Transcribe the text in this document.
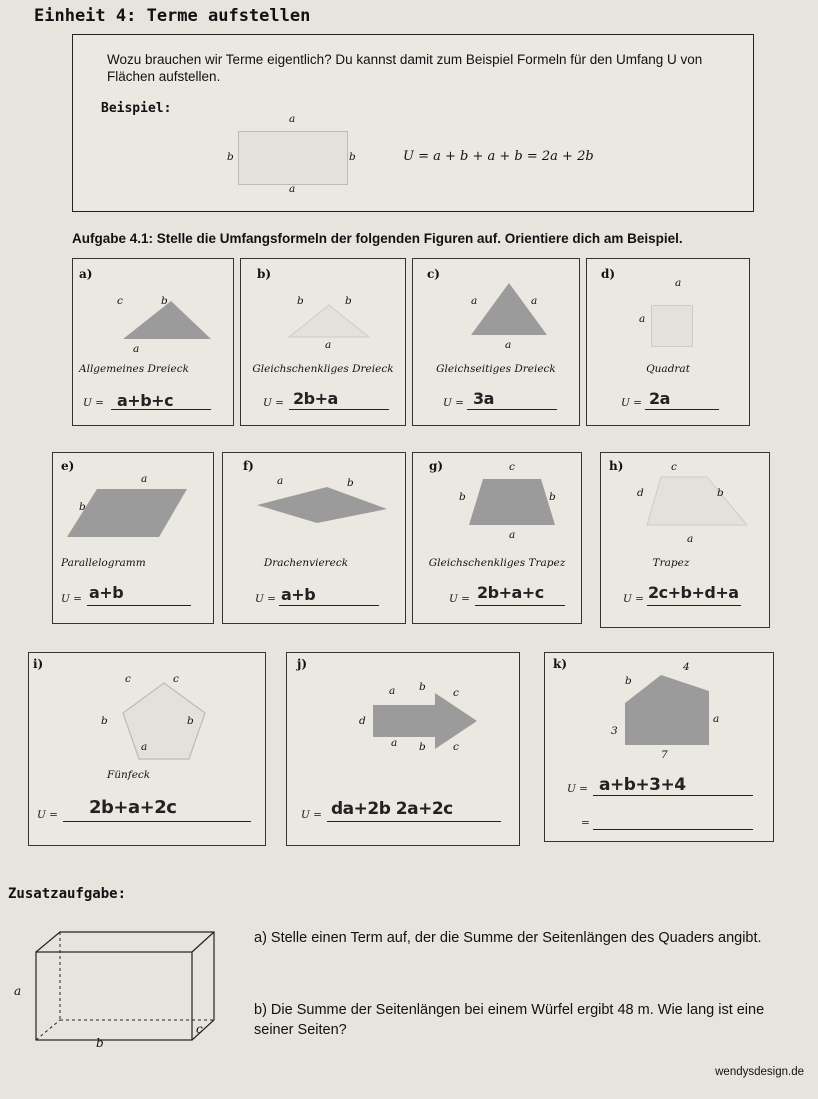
Einheit 4: Terme aufstellen
Wozu brauchen wir Terme eigentlich? Du kannst damit zum Beispiel Formeln für den Umfang U von Flächen aufstellen.
Beispiel:
a
b	b
a
U = a + b + a + b = 2a + 2b
Aufgabe 4.1: Stelle die Umfangsformeln der folgenden Figuren auf. Orientiere dich am Beispiel.
a)
c	b
a
Allgemeines Dreieck
U = a+b+c
b)
b	b
a
Gleichschenkliges Dreieck
U = 2b+a
c)
a	a
a
Gleichseitiges Dreieck
U = 3a
d)
a
a
Quadrat
U = 2a
e)
a
b
Parallelogramm
U = a+b
f)
a	b
Drachenviereck
U = a+b
g)	c
b	b
a
Gleichschenkliges Trapez
U = 2b+a+c
h)	c
d	b
a
Trapez
U = 2c+b+d+a
i)
c	c
b	b
a
Fünfeck
U = 2b+a+2c
j)
a b	c
d
a b	c
U = da+2b 2a+2c
k)
b
4
3
a
7
U = a+b+3+4
=
Zusatzaufgabe:
a
b
c
a) Stelle einen Term auf, der die Summe der Seitenlängen des Quaders angibt.
b) Die Summe der Seitenlängen bei einem Würfel ergibt 48 m. Wie lang ist eine seiner Seiten?
wendysdesign.de
